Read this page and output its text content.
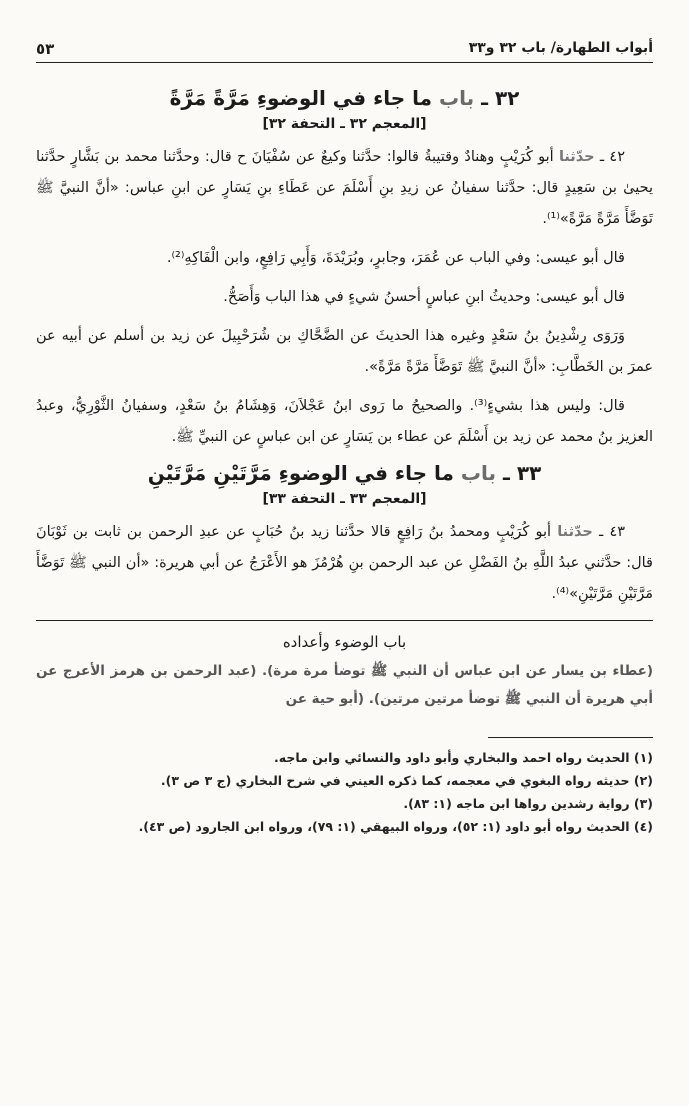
أبواب الطهارة/ باب ٣٢ و٣٣
٥٣
٣٢ ـ باب ما جاء في الوضوءِ مَرَّةً مَرَّةً
[المعجم ٣٢ ـ التحفة ٣٢]

٤٢ ـ حدّثنا أبو كُرَيْبٍ وهنادٌ وقتيبةُ قالوا: حدَّثنا وكيعٌ عن سُفْيَانَ ح قال: وحدَّثنا محمد بن بَشَّارٍ حدَّثنا يحيىٰ بن سَعِيدٍ قال: حدَّثنا سفيانُ عن زيدِ بنِ أَسْلَمَ عن عَطَاءِ بنِ يَسَارٍ عن ابنِ عباس: «أنَّ النبيَّ ﷺ تَوَضَّأَ مَرَّةً مَرَّةً»⁽¹⁾.

قال أبو عيسى: وفي الباب عن عُمَرَ، وجابرٍ، وبُرَيْدَةَ، وَأَبِي رَافِعٍ، وابن الْفَاكِهِ⁽²⁾.

قال أبو عيسى: وحديثُ ابنِ عباسٍ أحسنُ شيءٍ في هذا الباب وَأَصَحُّ.

وَرَوَى رِشْدِينُ بنُ سَعْدٍ وغيره هذا الحديثَ عن الضَّحَّاكِ بن شُرَحْبِيلَ عن زيد بن أسلم عن أبيه عن عمرَ بن الخَطَّابِ: «أنَّ النبيَّ ﷺ تَوَضَّأَ مَرَّةً مَرَّةً».

قال: وليس هذا بشيءٍ⁽³⁾. والصحيحُ ما رَوى ابنُ عَجْلاَنَ، وَهِشَامُ بنُ سَعْدٍ، وسفيانُ الثَّوْرِيُّ، وعبدُ العزيز بنُ محمد عن زيد بن أَسْلَمَ عن عطاء بن يَسَارٍ عن ابن عباسٍ عن النبيِّ ﷺ.

٣٣ ـ باب ما جاء في الوضوءِ مَرَّتَيْنِ مَرَّتَيْنِ
[المعجم ٣٣ ـ التحفة ٣٣]

٤٣ ـ حدّثنا أبو كُرَيْبٍ ومحمدُ بنُ رَافِعٍ قالا حدَّثنا زيد بنُ حُبَابٍ عن عبدِ الرحمن بن ثابت بن ثَوْبَانَ قال: حدَّثني عبدُ اللَّهِ بنُ الفَضْلِ عن عبد الرحمن بنِ هُرْمُزَ هو الأَعْرَجُ عن أبي هريرة: «أن النبي ﷺ تَوَضَّأَ مَرَّتَيْنِ مَرَّتَيْنِ»⁽⁴⁾.

باب الوضوء وأعداده

(عطاء بن يسار عن ابن عباس أن النبي ﷺ توضأ مرة مرة). (عبد الرحمن بن هرمز الأعرج عن أبي هريرة أن النبي ﷺ توضأ مرتين مرتين). (أبو حية عن

(١) الحديث رواه احمد والبخاري وأبو داود والنسائي وابن ماجه.
(٢) حديثه رواه البغوي في معجمه، كما ذكره العيني في شرح البخاري (ج ٣ ص ٣).
(٣) رواية رشدين رواها ابن ماجه (١: ٨٣).
(٤) الحديث رواه أبو داود (١: ٥٢)، ورواه البيهقي (١: ٧٩)، ورواه ابن الجارود (ص ٤٣).
